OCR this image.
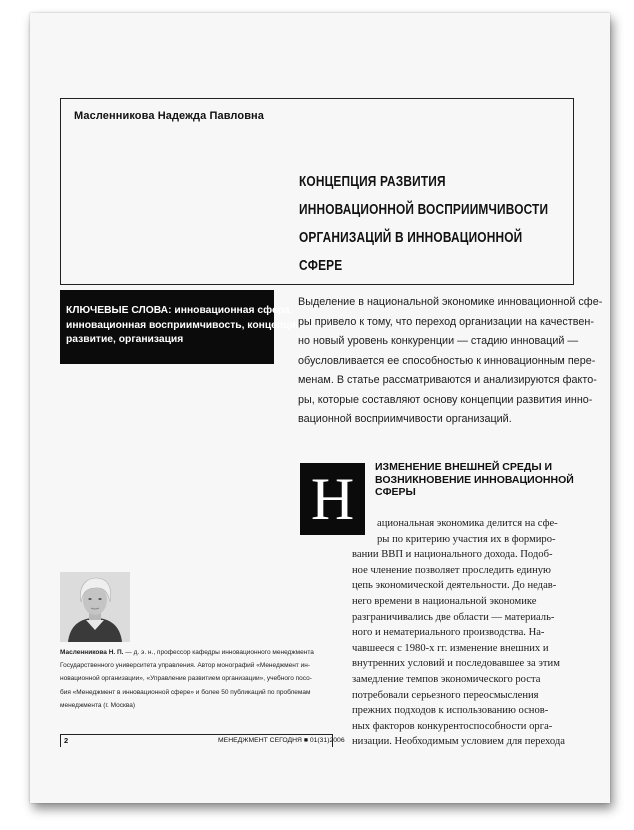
Масленникова Надежда Павловна
КОНЦЕПЦИЯ РАЗВИТИЯ
ИННОВАЦИОННОЙ ВОСПРИИМЧИВОСТИ
ОРГАНИЗАЦИЙ В ИННОВАЦИОННОЙ
СФЕРЕ
КЛЮЧЕВЫЕ СЛОВА: инновационная сфера,
инновационная восприимчивость, концепция,
развитие, организация
Выделение в национальной экономике инновационной сфе-
ры привело к тому, что переход организации на качествен-
но новый уровень конкуренции — стадию инноваций —
обусловливается ее способностью к инновационным пере-
менам. В статье рассматриваются и анализируются факто-
ры, которые составляют основу концепции развития инно-
вационной восприимчивости организаций.
Н	ИЗМЕНЕНИЕ ВНЕШНЕЙ СРЕДЫ И
ВОЗНИКНОВЕНИЕ ИННОВАЦИОННОЙ
СФЕРЫ
ациональная экономика делится на сфе-
ры по критерию участия их в формиро-
вании ВВП и национального дохода. Подоб-
ное членение позволяет проследить единую
цепь экономической деятельности. До недав-
него времени в национальной экономике
разграничивались две области — материаль-
ного и нематериального производства. На-
чавшееся с 1980-х гг. изменение внешних и
внутренних условий и последовавшее за этим
замедление темпов экономического роста
потребовали серьезного переосмысления
прежних подходов к использованию основ-
ных факторов конкурентоспособности орга-
низации. Необходимым условием для перехода
Масленникова Н. П. — д. э. н., профессор кафедры инновационного менеджмента
Государственного университета управления. Автор монографий «Менеджмент ин-
новационной организации», «Управление развитием организации», учебного посо-
бия «Менеджмент в инновационной сфере» и более 50 публикаций по проблемам
менеджмента (г. Москва)
2	МЕНЕДЖМЕНТ СЕГОДНЯ ■ 01(31)2006
